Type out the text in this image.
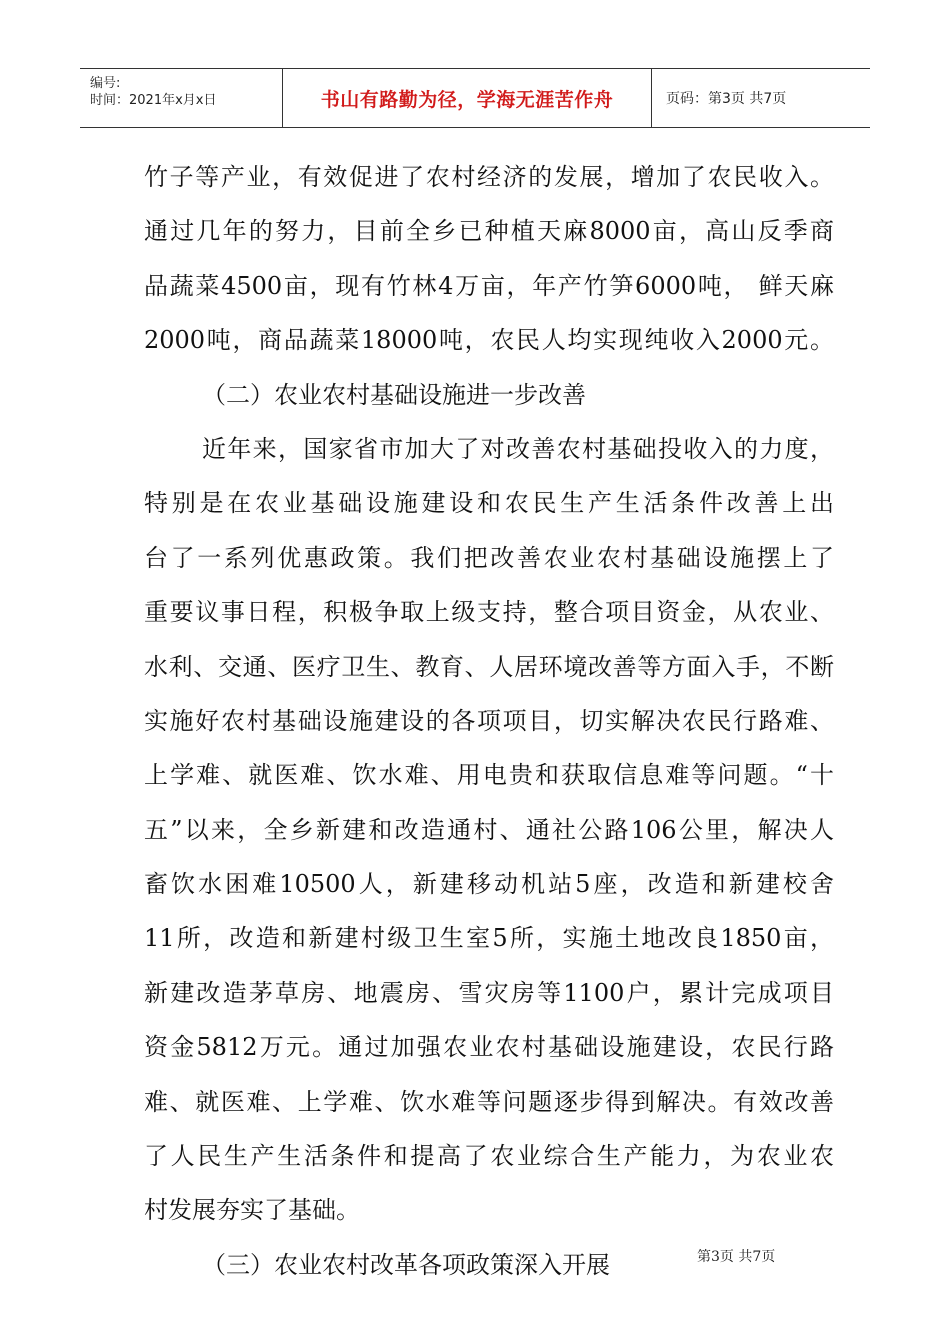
编号:
时间：2021年x月x日	书山有路勤为径，学海无涯苦作舟	页码：第3页 共7页
竹子等产业，有效促进了农村经济的发展，增加了农民收入。
通过几年的努力，目前全乡已种植天麻8000亩，高山反季商
品蔬菜4500亩，现有竹林4万亩，年产竹笋6000吨， 鲜天麻
2000吨，商品蔬菜18000吨，农民人均实现纯收入2000元。
（二）农业农村基础设施进一步改善
近年来，国家省市加大了对改善农村基础投收入的力度，
特别是在农业基础设施建设和农民生产生活条件改善上出
台了一系列优惠政策。我们把改善农业农村基础设施摆上了
重要议事日程，积极争取上级支持，整合项目资金，从农业、
水利、交通、医疗卫生、教育、人居环境改善等方面入手，不断
实施好农村基础设施建设的各项项目，切实解决农民行路难、
上学难、就医难、饮水难、用电贵和获取信息难等问题。“十
五”以来，全乡新建和改造通村、通社公路106公里，解决人
畜饮水困难10500人，新建移动机站5座，改造和新建校舍
11所，改造和新建村级卫生室5所，实施土地改良1850亩，
新建改造茅草房、地震房、雪灾房等1100户，累计完成项目
资金5812万元。通过加强农业农村基础设施建设，农民行路
难、就医难、上学难、饮水难等问题逐步得到解决。有效改善
了人民生产生活条件和提高了农业综合生产能力，为农业农
村发展夯实了基础。
（三）农业农村改革各项政策深入开展	第3页 共7页
